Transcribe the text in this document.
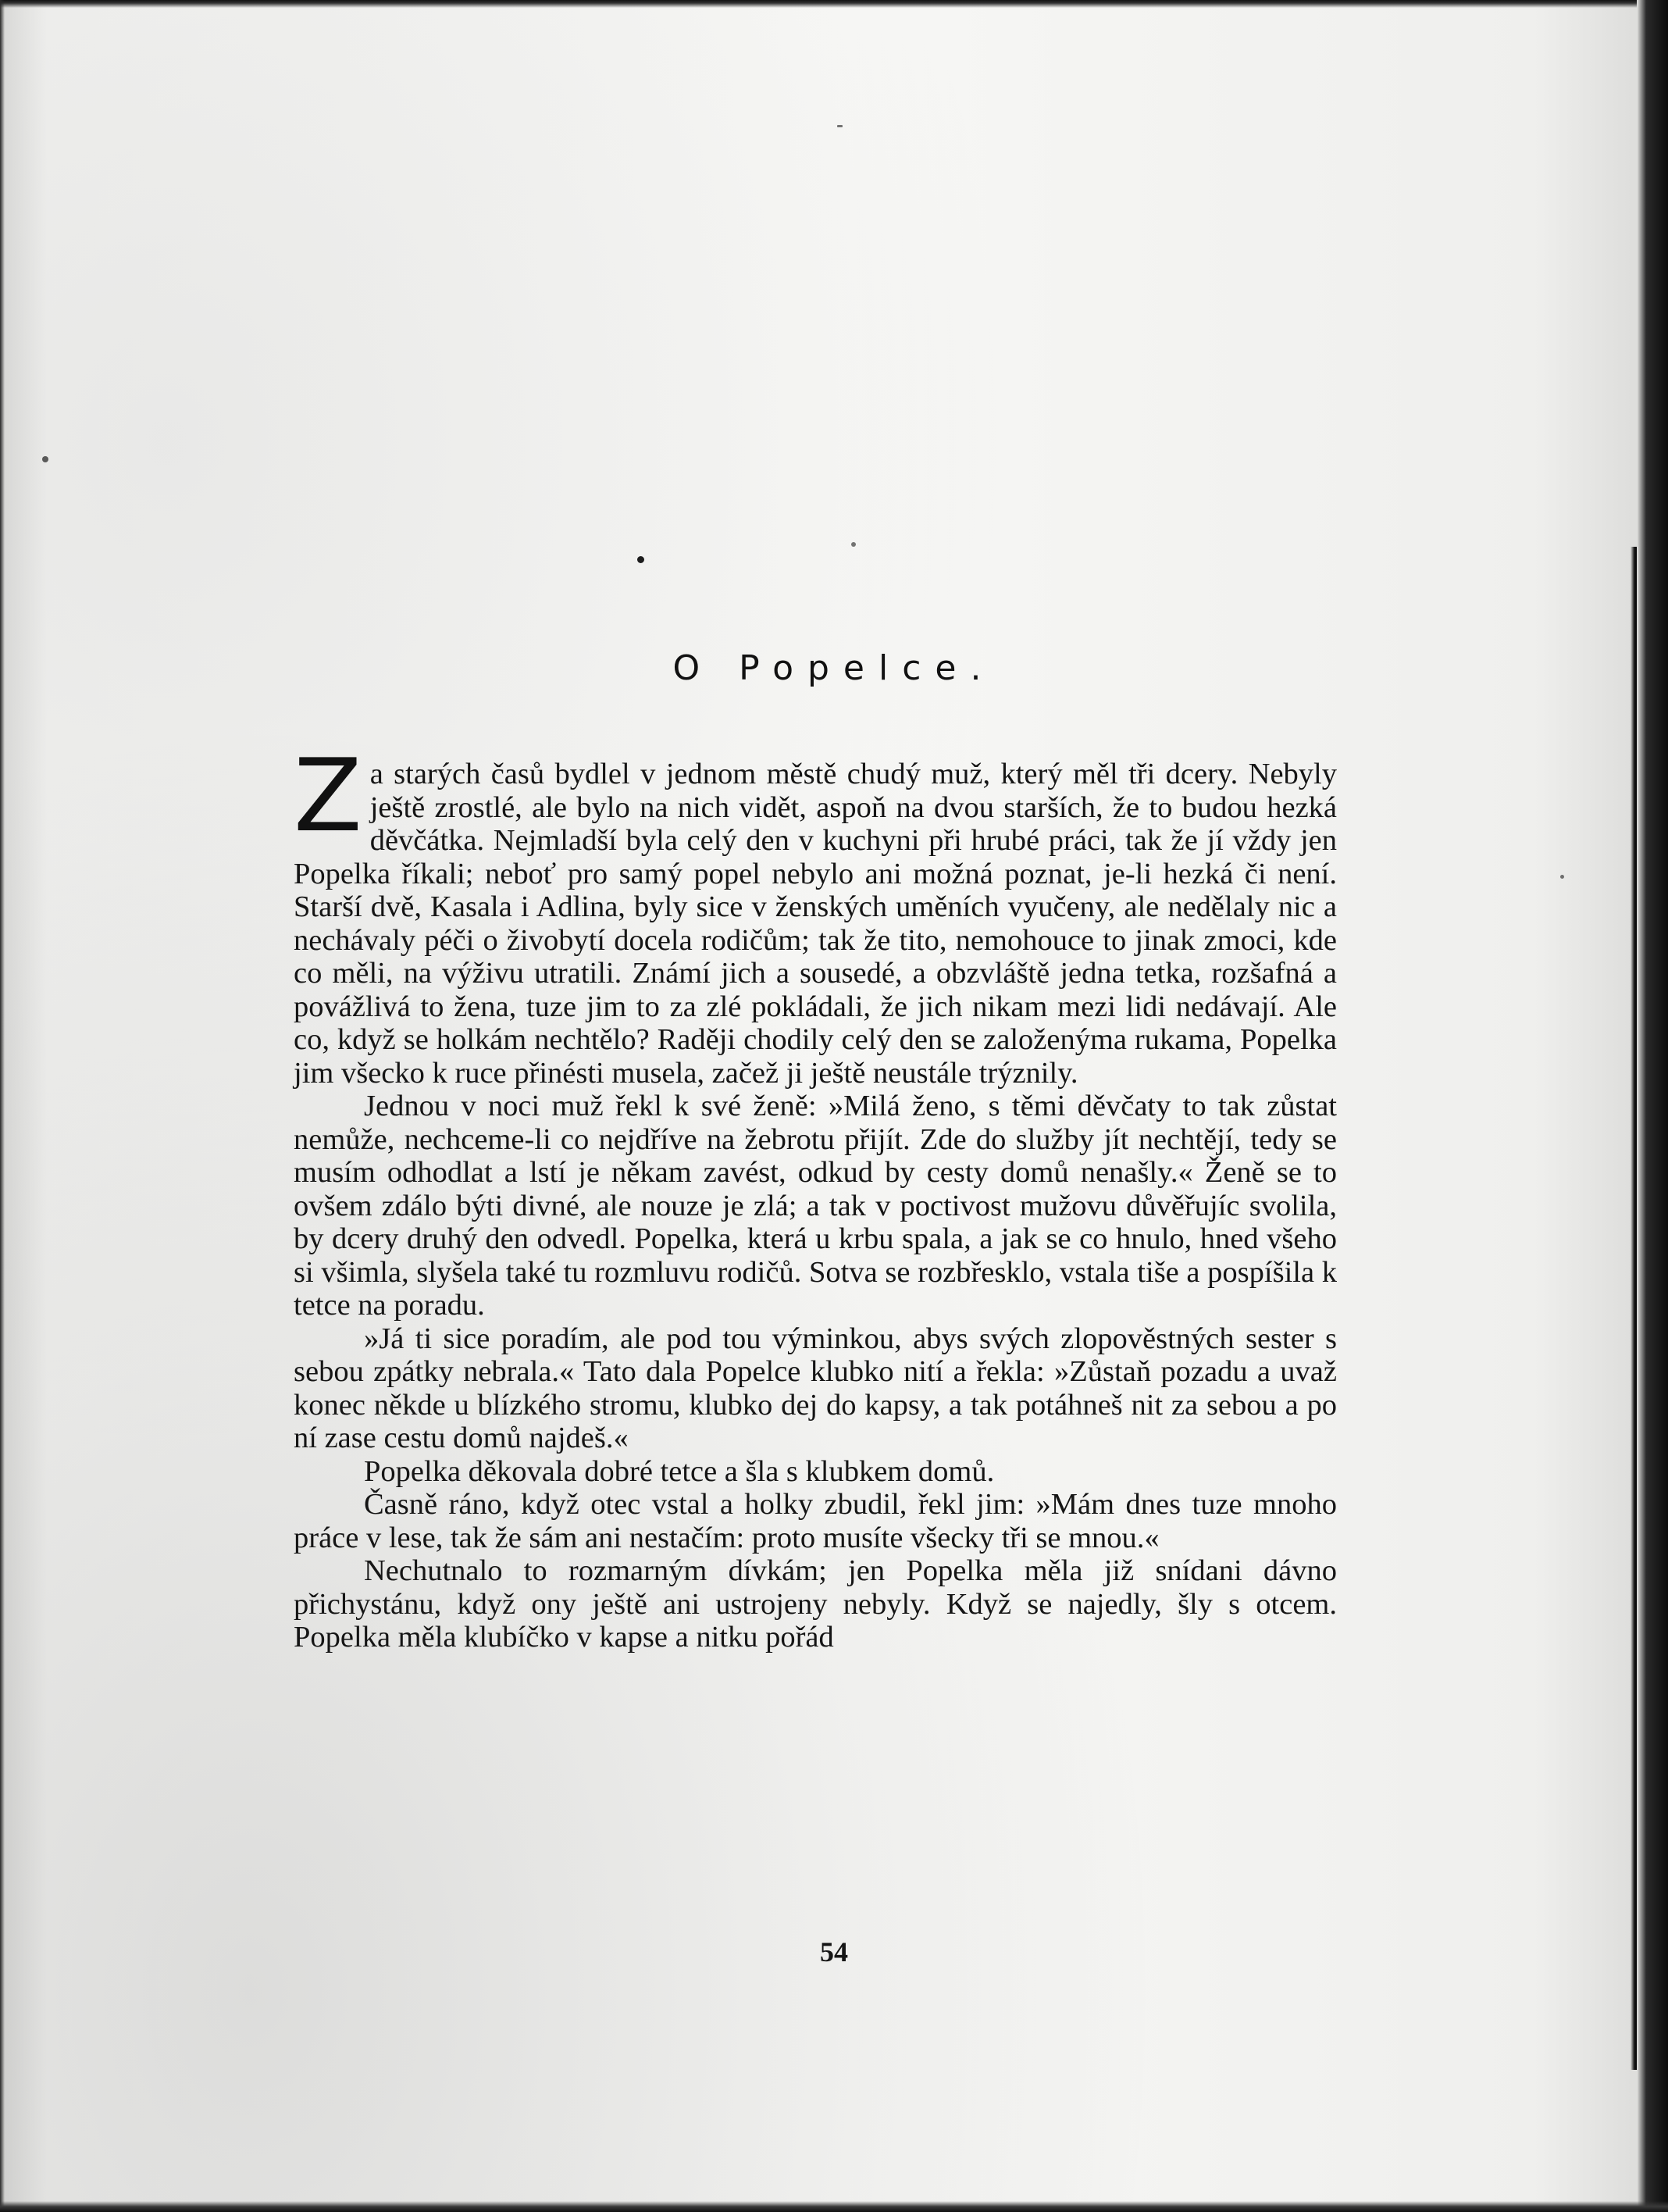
O Popelce.

Za starých časů bydlel v jednom městě chudý muž, který měl tři dcery. Nebyly ještě zrostlé, ale bylo na nich vidět, aspoň na dvou starších, že to budou hezká děvčátka. Nejmladší byla celý den v kuchyni při hrubé práci, tak že jí vždy jen Popelka říkali; neboť pro samý popel nebylo ani možná poznat, je-li hezká či není. Starší dvě, Kasala i Adlina, byly sice v ženských uměních vyučeny, ale nedělaly nic a nechávaly péči o živobytí docela rodičům; tak že tito, nemohouce to jinak zmoci, kde co měli, na výživu utratili. Známí jich a sousedé, a obzvláště jedna tetka, rozšafná a povážlivá to žena, tuze jim to za zlé pokládali, že jich nikam mezi lidi nedávají. Ale co, když se holkám nechtělo? Raději chodily celý den se založenýma rukama, Popelka jim všecko k ruce přinésti musela, začež ji ještě neustále trýznily.

Jednou v noci muž řekl k své ženě: »Milá ženo, s těmi děvčaty to tak zůstat nemůže, nechceme-li co nejdříve na žebrotu přijít. Zde do služby jít nechtějí, tedy se musím odhodlat a lstí je někam zavést, odkud by cesty domů nenašly.« Ženě se to ovšem zdálo býti divné, ale nouze je zlá; a tak v poctivost mužovu důvěřujíc svolila, by dcery druhý den odvedl. Popelka, která u krbu spala, a jak se co hnulo, hned všeho si všimla, slyšela také tu rozmluvu rodičů. Sotva se rozbřesklo, vstala tiše a pospíšila k tetce na poradu.

»Já ti sice poradím, ale pod tou výminkou, abys svých zlopověstných sester s sebou zpátky nebrala.« Tato dala Popelce klubko nití a řekla: »Zůstaň pozadu a uvaž konec někde u blízkého stromu, klubko dej do kapsy, a tak potáhneš nit za sebou a po ní zase cestu domů najdeš.«

Popelka děkovala dobré tetce a šla s klubkem domů.

Časně ráno, když otec vstal a holky zbudil, řekl jim: »Mám dnes tuze mnoho práce v lese, tak že sám ani nestačím: proto musíte všecky tři se mnou.«

Nechutnalo to rozmarným dívkám; jen Popelka měla již snídani dávno přichystánu, když ony ještě ani ustrojeny nebyly. Když se najedly, šly s otcem. Popelka měla klubíčko v kapse a nitku pořád

54
